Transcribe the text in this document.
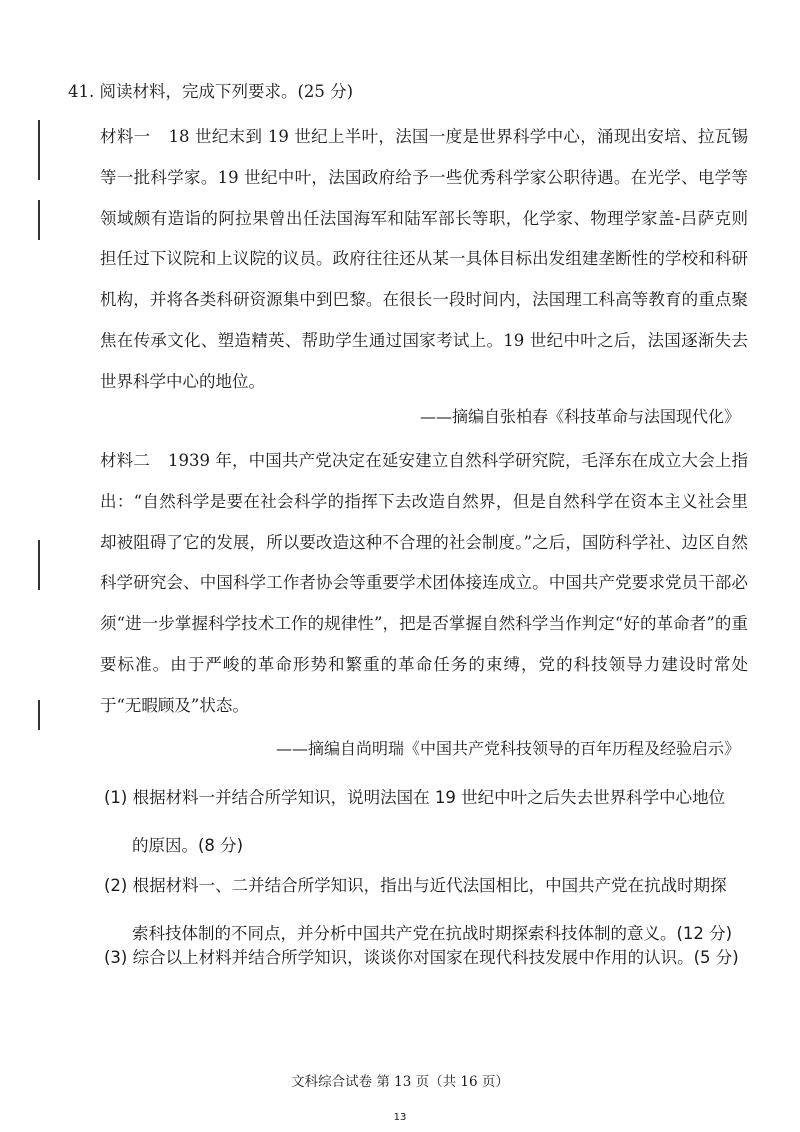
41. 阅读材料，完成下列要求。(25 分)
材料一 18 世纪末到 19 世纪上半叶，法国一度是世界科学中心，涌现出安培、拉瓦锡等一批科学家。19 世纪中叶，法国政府给予一些优秀科学家公职待遇。在光学、电学等领域颇有造诣的阿拉果曾出任法国海军和陆军部长等职，化学家、物理学家盖-吕萨克则担任过下议院和上议院的议员。政府往往还从某一具体目标出发组建垄断性的学校和科研机构，并将各类科研资源集中到巴黎。在很长一段时间内，法国理工科高等教育的重点聚焦在传承文化、塑造精英、帮助学生通过国家考试上。19 世纪中叶之后，法国逐渐失去世界科学中心的地位。
——摘编自张柏春《科技革命与法国现代化》
材料二 1939 年，中国共产党决定在延安建立自然科学研究院，毛泽东在成立大会上指出：“自然科学是要在社会科学的指挥下去改造自然界，但是自然科学在资本主义社会里却被阻碍了它的发展，所以要改造这种不合理的社会制度。”之后，国防科学社、边区自然科学研究会、中国科学工作者协会等重要学术团体接连成立。中国共产党要求党员干部必须“进一步掌握科学技术工作的规律性”，把是否掌握自然科学当作判定“好的革命者”的重要标准。由于严峻的革命形势和繁重的革命任务的束缚，党的科技领导力建设时常处于“无暇顾及”状态。
——摘编自尚明瑞《中国共产党科技领导的百年历程及经验启示》
(1) 根据材料一并结合所学知识，说明法国在 19 世纪中叶之后失去世界科学中心地位的原因。(8 分)
(2) 根据材料一、二并结合所学知识，指出与近代法国相比，中国共产党在抗战时期探索科技体制的不同点，并分析中国共产党在抗战时期探索科技体制的意义。(12 分)
(3) 综合以上材料并结合所学知识，谈谈你对国家在现代科技发展中作用的认识。(5 分)
文科综合试卷 第 13 页（共 16 页）
13
